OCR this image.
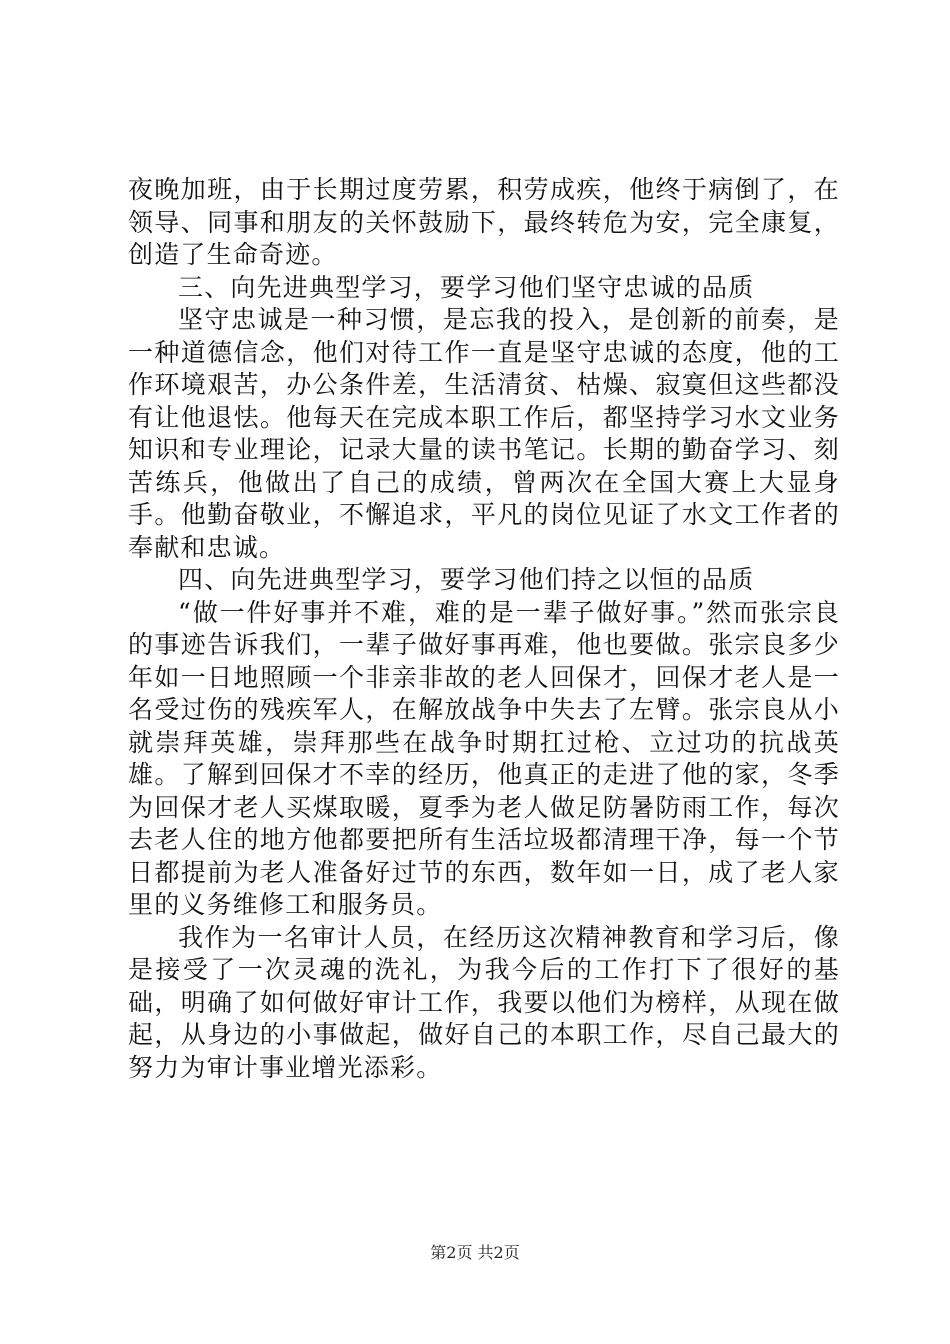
夜晚加班，由于长期过度劳累，积劳成疾，他终于病倒了，在领导、同事和朋友的关怀鼓励下，最终转危为安，完全康复，创造了生命奇迹。

三、向先进典型学习，要学习他们坚守忠诚的品质

坚守忠诚是一种习惯，是忘我的投入，是创新的前奏，是一种道德信念，他们对待工作一直是坚守忠诚的态度，他的工作环境艰苦，办公条件差，生活清贫、枯燥、寂寞但这些都没有让他退怯。他每天在完成本职工作后，都坚持学习水文业务知识和专业理论，记录大量的读书笔记。长期的勤奋学习、刻苦练兵，他做出了自己的成绩，曾两次在全国大赛上大显身手。他勤奋敬业，不懈追求，平凡的岗位见证了水文工作者的奉献和忠诚。

四、向先进典型学习，要学习他们持之以恒的品质

“做一件好事并不难，难的是一辈子做好事。”然而张宗良的事迹告诉我们，一辈子做好事再难，他也要做。张宗良多少年如一日地照顾一个非亲非故的老人回保才，回保才老人是一名受过伤的残疾军人，在解放战争中失去了左臂。张宗良从小就崇拜英雄，崇拜那些在战争时期扛过枪、立过功的抗战英雄。了解到回保才不幸的经历，他真正的走进了他的家，冬季为回保才老人买煤取暖，夏季为老人做足防暑防雨工作，每次去老人住的地方他都要把所有生活垃圾都清理干净，每一个节日都提前为老人准备好过节的东西，数年如一日，成了老人家里的义务维修工和服务员。

我作为一名审计人员，在经历这次精神教育和学习后，像是接受了一次灵魂的洗礼，为我今后的工作打下了很好的基础，明确了如何做好审计工作，我要以他们为榜样，从现在做起，从身边的小事做起，做好自己的本职工作，尽自己最大的努力为审计事业增光添彩。

第2页 共2页
